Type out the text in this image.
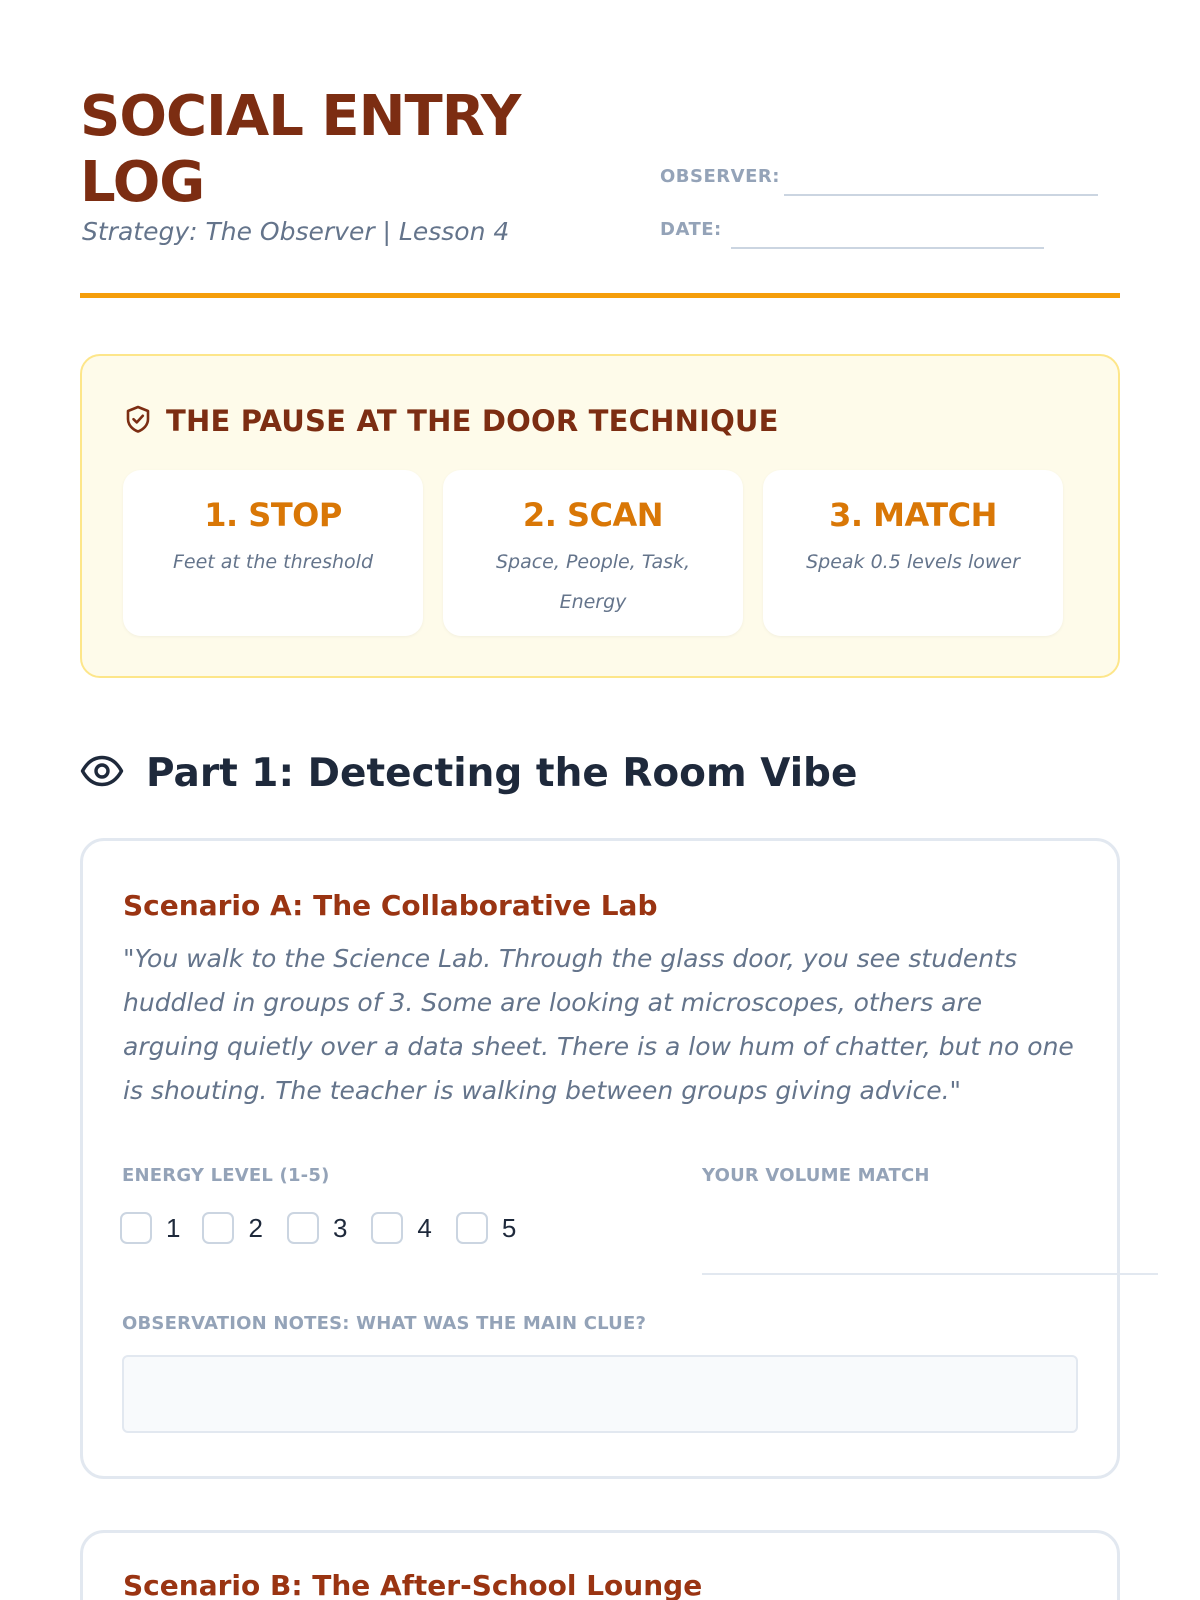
SOCIAL ENTRY LOG
Strategy: The Observer | Lesson 4
OBSERVER:
DATE:
THE PAUSE AT THE DOOR TECHNIQUE
1. STOP
Feet at the threshold
2. SCAN
Space, People, Task, Energy
3. MATCH
Speak 0.5 levels lower
Part 1: Detecting the Room Vibe
Scenario A: The Collaborative Lab
"You walk to the Science Lab. Through the glass door, you see students huddled in groups of 3. Some are looking at microscopes, others are arguing quietly over a data sheet. There is a low hum of chatter, but no one is shouting. The teacher is walking between groups giving advice."
ENERGY LEVEL (1-5)
1	2	3	4	5
YOUR VOLUME MATCH
OBSERVATION NOTES: WHAT WAS THE MAIN CLUE?
Scenario B: The After-School Lounge
